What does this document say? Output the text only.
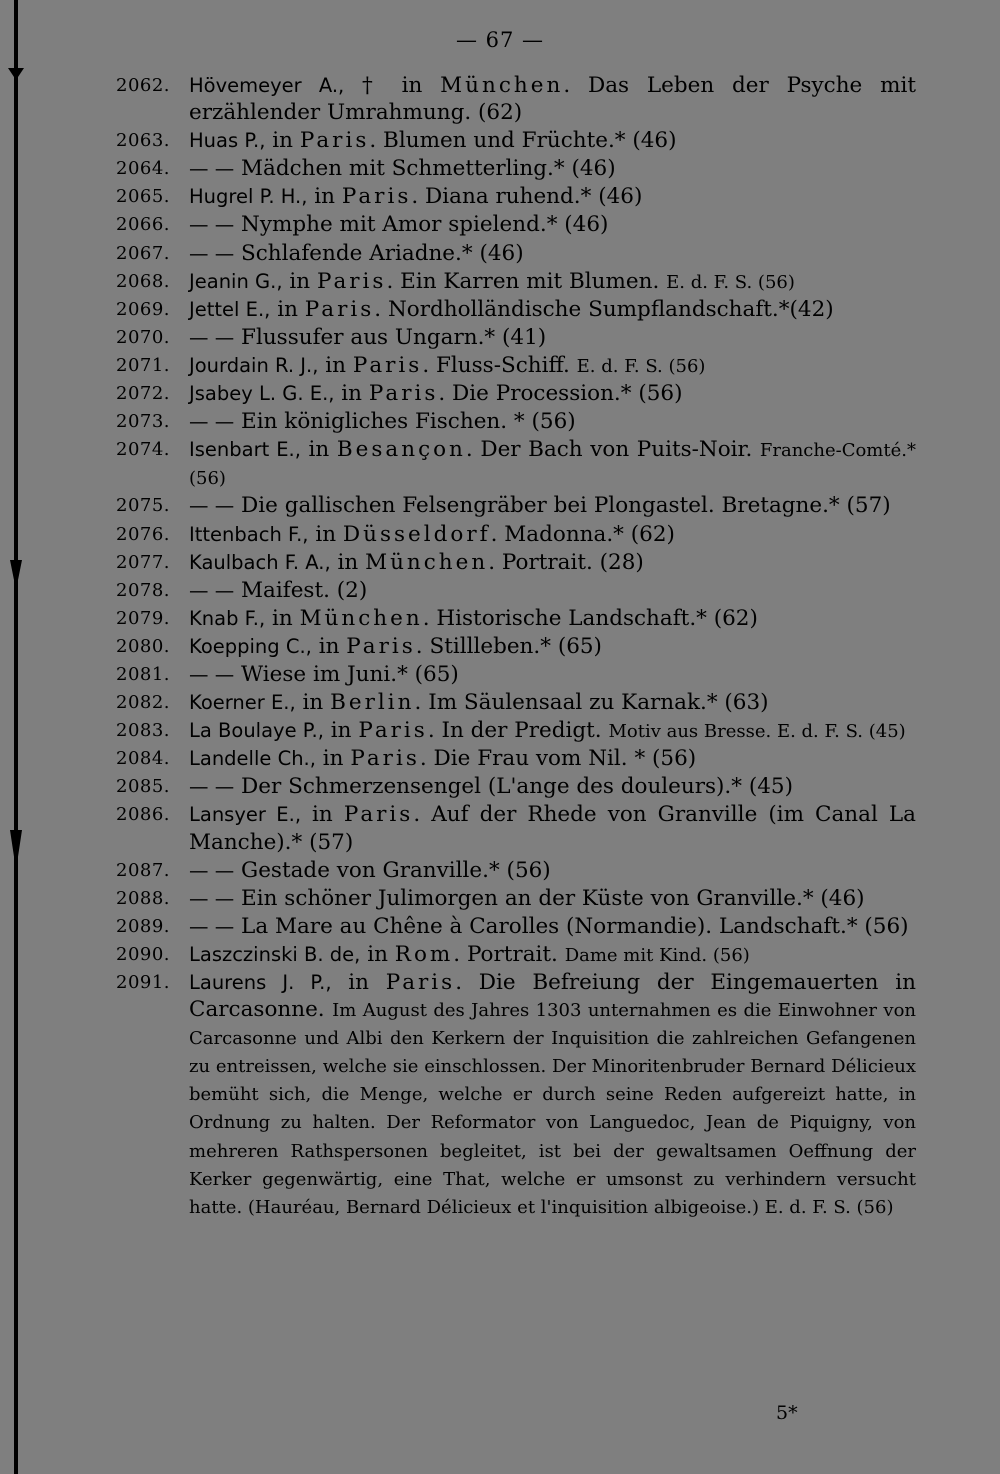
— 67 —
2062. Hövemeyer A., † in München. Das Leben der Psyche mit erzählender Umrahmung. (62)
2063. Huas P., in Paris. Blumen und Früchte.* (46)
2064. — — Mädchen mit Schmetterling.* (46)
2065. Hugrel P. H., in Paris. Diana ruhend.* (46)
2066. — — Nymphe mit Amor spielend.* (46)
2067. — — Schlafende Ariadne.* (46)
2068. Jeanin G., in Paris. Ein Karren mit Blumen. E. d. F. S. (56)
2069. Jettel E., in Paris. Nordholländische Sumpflandschaft.*(42)
2070. — — Flussufer aus Ungarn.* (41)
2071. Jourdain R. J., in Paris. Fluss-Schiff. E. d. F. S. (56)
2072. Jsabey L. G. E., in Paris. Die Procession.* (56)
2073. — — Ein königliches Fischen. * (56)
2074. Isenbart E., in Besançon. Der Bach von Puits-Noir. Franche-Comté.* (56)
2075. — — Die gallischen Felsengräber bei Plongastel. Bretagne.* (57)
2076. Ittenbach F., in Düsseldorf. Madonna.* (62)
2077. Kaulbach F. A., in München. Portrait. (28)
2078. — — Maifest. (2)
2079. Knab F., in München. Historische Landschaft.* (62)
2080. Koepping C., in Paris. Stillleben.* (65)
2081. — — Wiese im Juni.* (65)
2082. Koerner E., in Berlin. Im Säulensaal zu Karnak.* (63)
2083. La Boulaye P., in Paris. In der Predigt. Motiv aus Bresse. E. d. F. S. (45)
2084. Landelle Ch., in Paris. Die Frau vom Nil. * (56)
2085. — — Der Schmerzensengel (L'ange des douleurs).* (45)
2086. Lansyer E., in Paris. Auf der Rhede von Granville (im Canal La Manche).* (57)
2087. — — Gestade von Granville.* (56)
2088. — — Ein schöner Julimorgen an der Küste von Granville.* (46)
2089. — — La Mare au Chêne à Carolles (Normandie). Landschaft.* (56)
2090. Laszczinski B. de, in Rom. Portrait. Dame mit Kind. (56)
2091. Laurens J. P., in Paris. Die Befreiung der Eingemauerten in Carcasonne. Im August des Jahres 1303 unternahmen es die Einwohner von Carcasonne und Albi den Kerkern der Inquisition die zahlreichen Gefangenen zu entreissen, welche sie einschlossen. Der Minoritenbruder Bernard Délicieux bemüht sich, die Menge, welche er durch seine Reden aufgereizt hatte, in Ordnung zu halten. Der Reformator von Languedoc, Jean de Piquigny, von mehreren Rathspersonen begleitet, ist bei der gewaltsamen Oeffnung der Kerker gegenwärtig, eine That, welche er umsonst zu verhindern versucht hatte. (Hauréau, Bernard Délicieux et l'inquisition albigeoise.) E. d. F. S. (56)
5*
